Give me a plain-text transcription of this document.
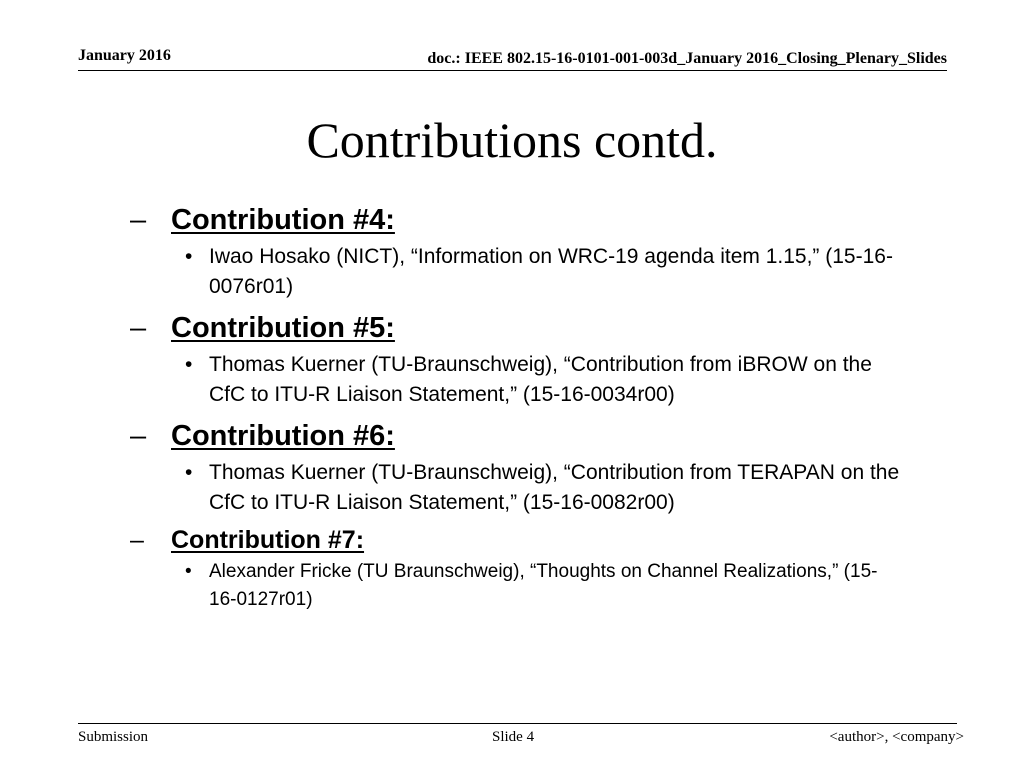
January 2016	doc.: IEEE 802.15-16-0101-001-003d_January 2016_Closing_Plenary_Slides
Contributions contd.
– Contribution #4:
• Iwao Hosako (NICT), “Information on WRC-19 agenda item 1.15,” (15-16-0076r01)
– Contribution #5:
• Thomas Kuerner (TU-Braunschweig), “Contribution from iBROW on the CfC to ITU-R Liaison Statement,” (15-16-0034r00)
– Contribution #6:
• Thomas Kuerner (TU-Braunschweig), “Contribution from TERAPAN on the CfC to ITU-R Liaison Statement,” (15-16-0082r00)
– Contribution #7:
• Alexander Fricke (TU Braunschweig), “Thoughts on Channel Realizations,” (15-16-0127r01)
Submission	Slide 4	<author>, <company>
